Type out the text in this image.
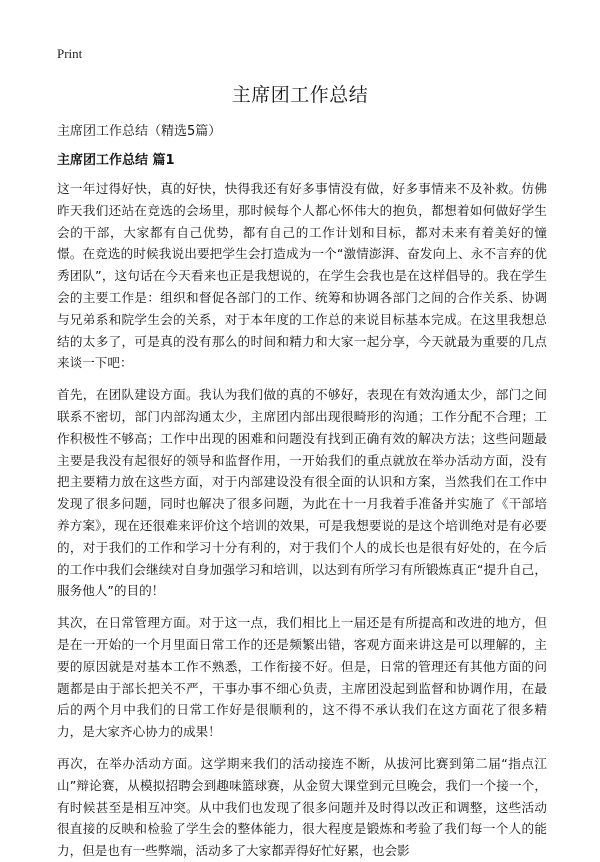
Print
主席团工作总结

主席团工作总结（精选5篇）

主席团工作总结 篇1

这一年过得好快，真的好快，快得我还有好多事情没有做，好多事情来不及补救。仿佛昨天我们还站在竞选的会场里，那时候每个人都心怀伟大的抱负，都想着如何做好学生会的干部，大家都有自己优势，都有自己的工作计划和目标，都对未来有着美好的憧憬。在竞选的时候我说出要把学生会打造成为一个“激情澎湃、奋发向上、永不言弃的优秀团队”，这句话在今天看来也正是我想说的，在学生会我也是在这样倡导的。我在学生会的主要工作是：组织和督促各部门的工作、统筹和协调各部门之间的合作关系、协调与兄弟系和院学生会的关系，对于本年度的工作总的来说目标基本完成。在这里我想总结的太多了，可是真的没有那么的时间和精力和大家一起分享，今天就最为重要的几点来谈一下吧：

首先，在团队建设方面。我认为我们做的真的不够好，表现在有效沟通太少，部门之间联系不密切，部门内部沟通太少，主席团内部出现很畸形的沟通；工作分配不合理；工作积极性不够高；工作中出现的困难和问题没有找到正确有效的解决方法；这些问题最主要是我没有起很好的领导和监督作用，一开始我们的重点就放在举办活动方面，没有把主要精力放在这些方面，对于内部建设没有很全面的认识和方案，当然我们在工作中发现了很多问题，同时也解决了很多问题，为此在十一月我着手准备并实施了《干部培养方案》，现在还很难来评价这个培训的效果，可是我想要说的是这个培训绝对是有必要的，对于我们的工作和学习十分有利的，对于我们个人的成长也是很有好处的，在今后的工作中我们会继续对自身加强学习和培训，以达到有所学习有所锻炼真正“提升自己，服务他人”的目的！

其次，在日常管理方面。对于这一点，我们相比上一届还是有所提高和改进的地方，但是在一开始的一个月里面日常工作的还是频繁出错，客观方面来讲这是可以理解的，主要的原因就是对基本工作不熟悉，工作衔接不好。但是，日常的管理还有其他方面的问题都是由于部长把关不严，干事办事不细心负责，主席团没起到监督和协调作用，在最后的两个月中我们的日常工作好是很顺利的，这不得不承认我们在这方面花了很多精力，是大家齐心协力的成果！

再次，在举办活动方面。这学期来我们的活动接连不断，从拔河比赛到第二届“指点江山”辩论赛，从模拟招聘会到趣味篮球赛，从金贸大课堂到元旦晚会，我们一个接一个，有时候甚至是相互冲突。从中我们也发现了很多问题并及时得以改正和调整，这些活动很直接的反映和检验了学生会的整体能力，很大程度是锻炼和考验了我们每一个人的能力，但是也有一些弊端，活动多了大家都弄得好忙好累，也会影
